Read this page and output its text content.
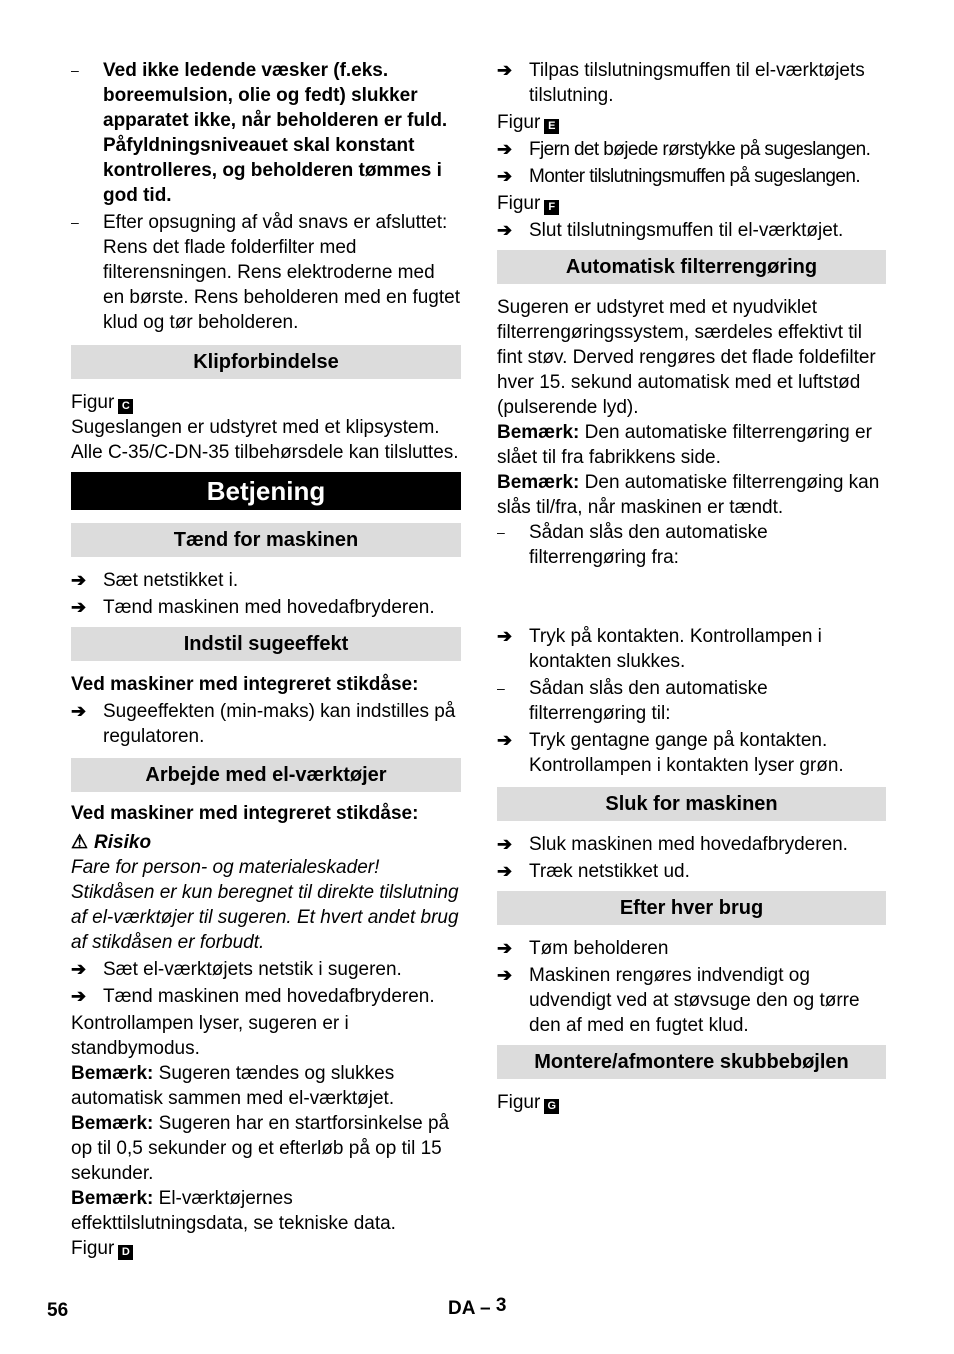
–	Ved ikke ledende væsker (f.eks. boreemulsion, olie og fedt) slukker apparatet ikke, når beholderen er fuld. Påfyldningsniveauet skal konstant kontrolleres, og beholderen tømmes i god tid.
–	Efter opsugning af våd snavs er afsluttet: Rens det flade folderfilter med filterensningen. Rens elektroderne med en børste. Rens beholderen med en fugtet klud og tør beholderen.
Klipforbindelse

Figur C

Sugeslangen er udstyret med et klipsystem. Alle C-35/C-DN-35 tilbehørsdele kan tilsluttes.

Betjening
Tænd for maskinen
➔ Sæt netstikket i.
➔ Tænd maskinen med hovedafbryderen.
Indstil sugeeffekt

Ved maskiner med integreret stikdåse:

➔ Sugeeffekten (min-maks) kan indstilles på regulatoren.
Arbejde med el-værktøjer

Ved maskiner med integreret stikdåse:

⚠ Risiko

Fare for person- og materialeskader! Stikdåsen er kun beregnet til direkte tilslutning af el-værktøjer til sugeren. Et hvert andet brug af stikdåsen er forbudt.

➔ Sæt el-værktøjets netstik i sugeren.
➔ Tænd maskinen med hovedafbryderen.

Kontrollampen lyser, sugeren er i standbymodus.

Bemærk: Sugeren tændes og slukkes automatisk sammen med el-værktøjet.

Bemærk: Sugeren har en startforsinkelse på op til 0,5 sekunder og et efterløb på op til 15 sekunder.

Bemærk: El-værktøjernes effekttilslutningsdata, se tekniske data.

Figur D

➔ Tilpas tilslutningsmuffen til el-værktøjets tilslutning.

Figur E

➔ Fjern det bøjede rørstykke på sugeslangen.
➔ Monter tilslutningsmuffen på sugeslangen.

Figur F

➔ Slut tilslutningsmuffen til el-værktøjet.
Automatisk filterrengøring

Sugeren er udstyret med et nyudviklet filterrengøringssystem, særdeles effektivt til fint støv. Derved rengøres det flade foldefilter hver 15. sekund automatisk med et luftstød (pulserende lyd).

Bemærk: Den automatiske filterrengøring er slået til fra fabrikkens side.

Bemærk: Den automatiske filterrengøing kan slås til/fra, når maskinen er tændt.

–	Sådan slås den automatiske filterrengøring fra:
➔ Tryk på kontakten. Kontrollampen i kontakten slukkes.
–	Sådan slås den automatiske filterrengøring til:
➔ Tryk gentagne gange på kontakten. Kontrollampen i kontakten lyser grøn.
Sluk for maskinen
➔ Sluk maskinen med hovedafbryderen.
➔ Træk netstikket ud.
Efter hver brug
➔ Tøm beholderen
➔ Maskinen rengøres indvendigt og udvendigt ved at støvsuge den og tørre den af med en fugtet klud.
Montere/afmontere skubbebøjlen

Figur G

56	DA – 3
